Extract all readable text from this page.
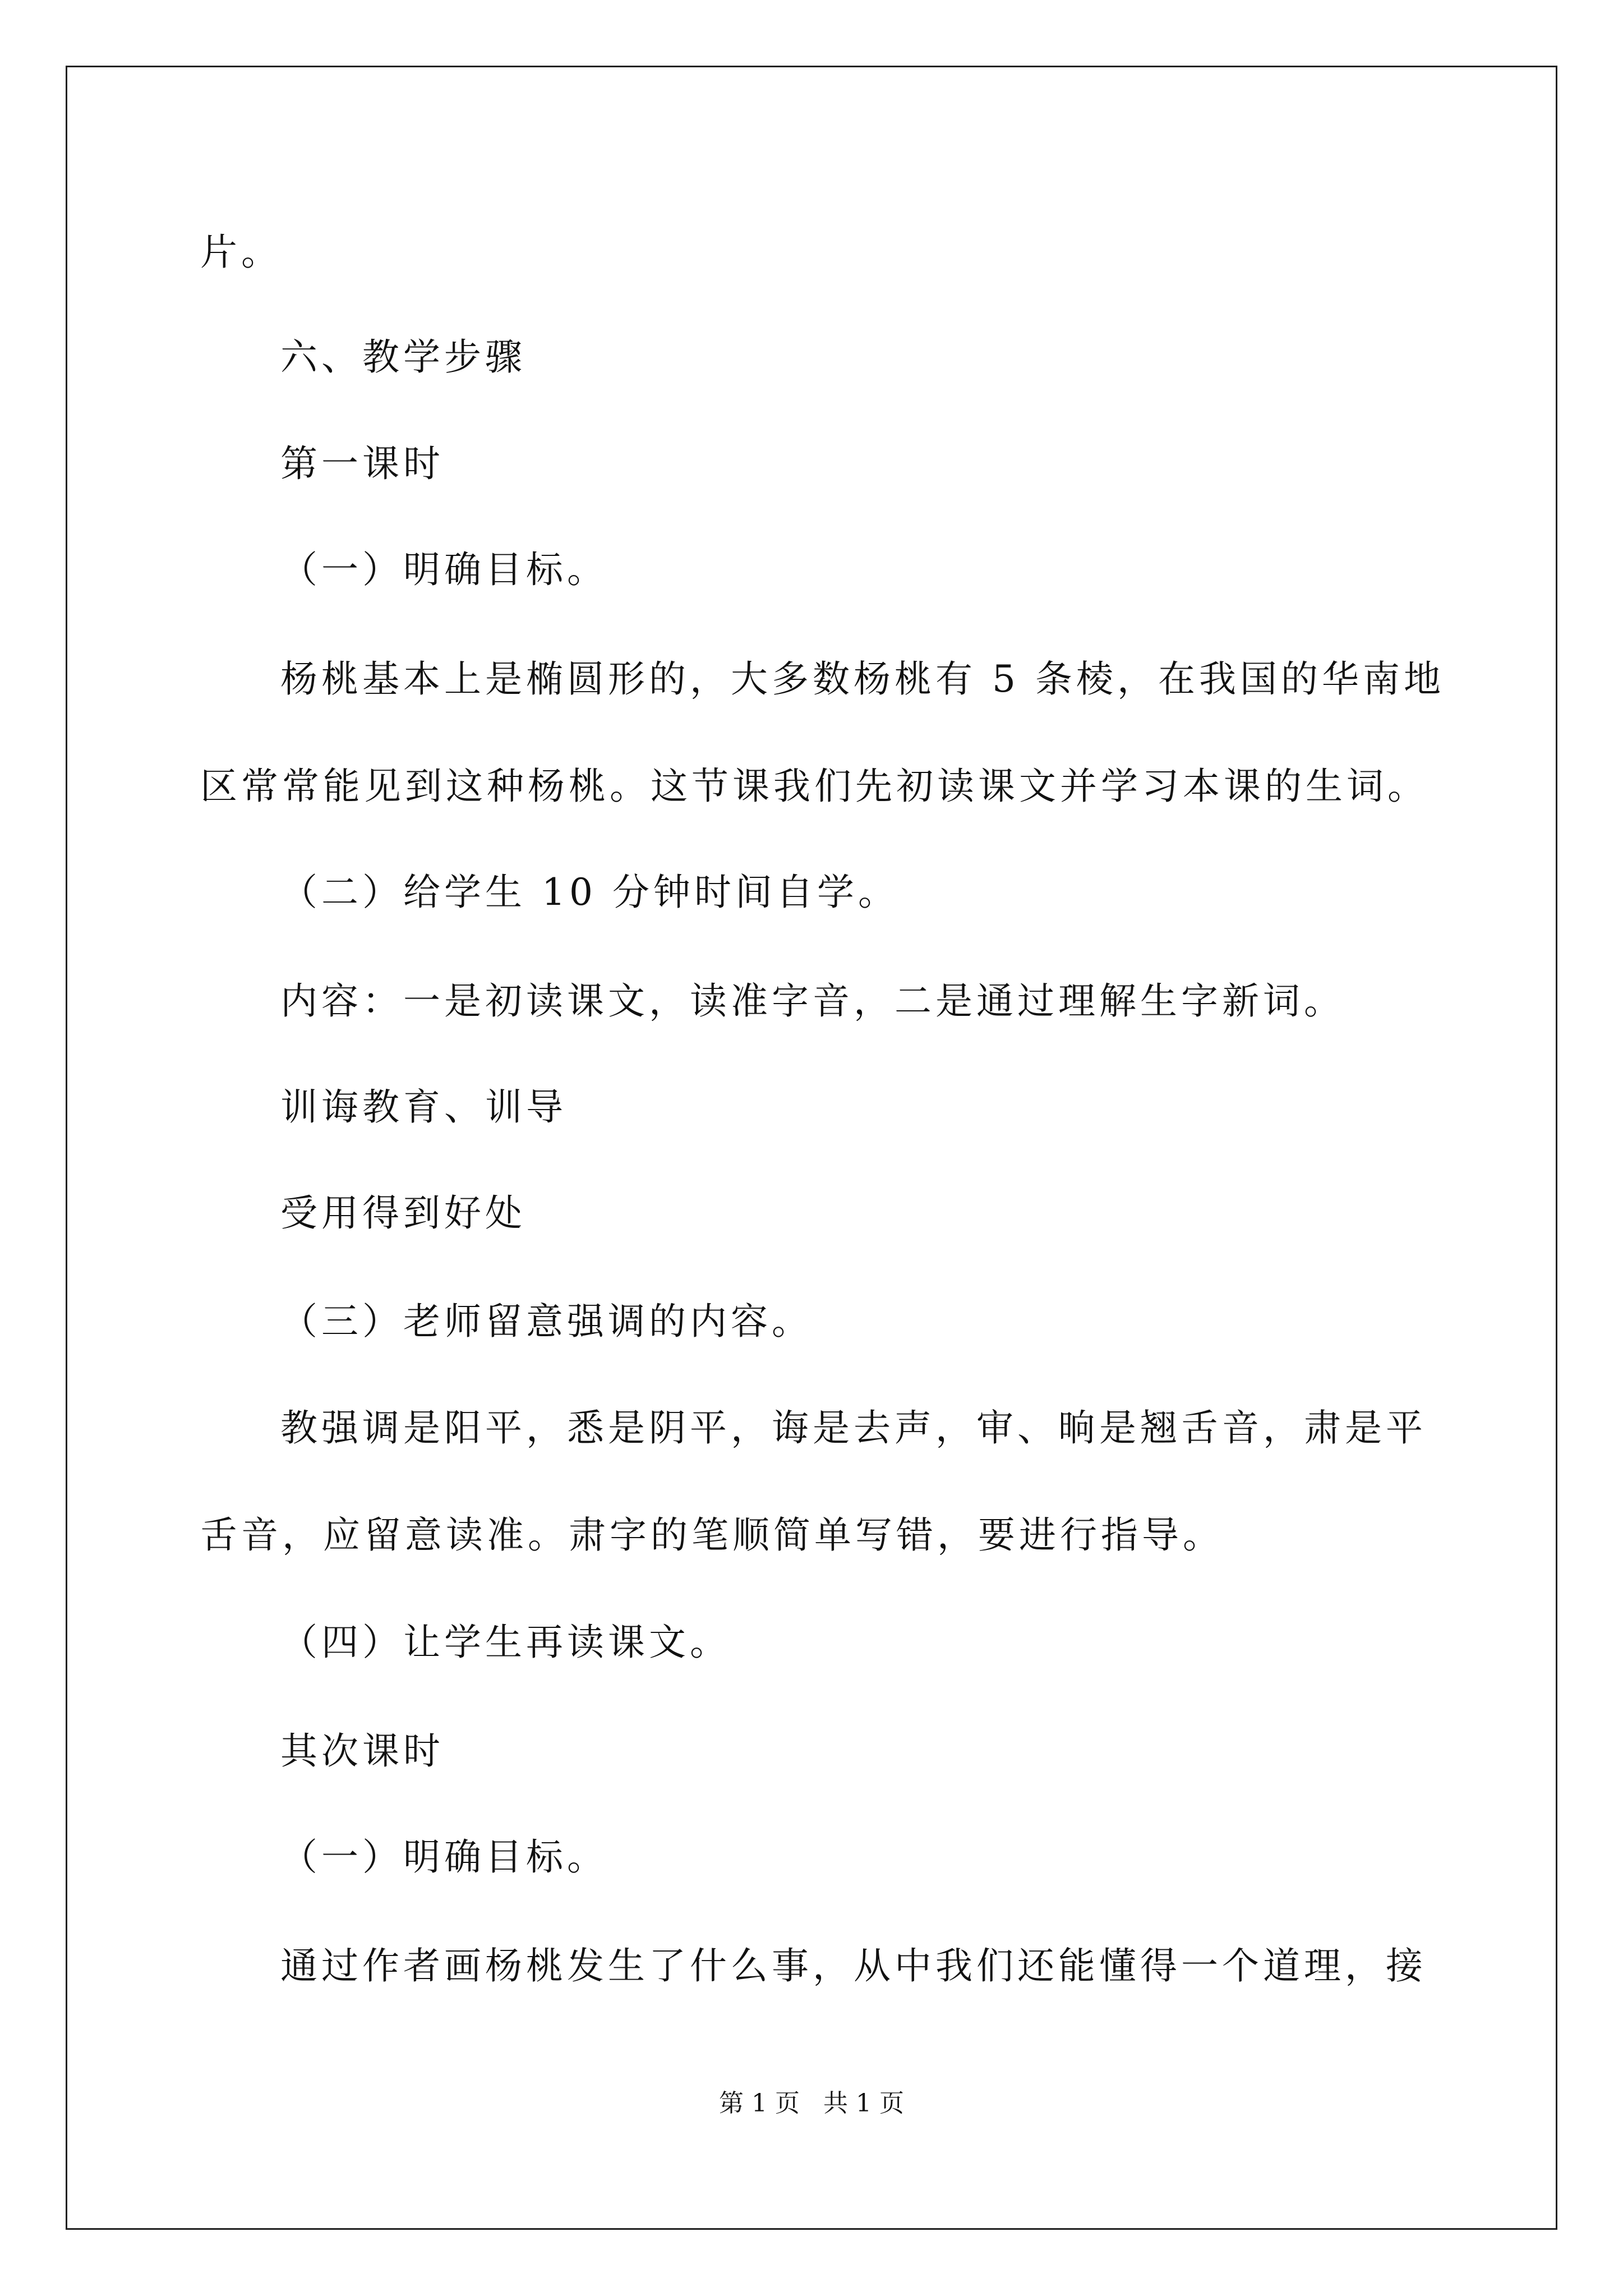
片。
六、教学步骤
第一课时
（一）明确目标。
杨桃基本上是椭圆形的，大多数杨桃有 5 条棱，在我国的华南地
区常常能见到这种杨桃。这节课我们先初读课文并学习本课的生词。
（二）给学生 10 分钟时间自学。
内容：一是初读课文，读准字音，二是通过理解生字新词。
训诲教育、训导
受用得到好处
（三）老师留意强调的内容。
教强调是阳平，悉是阴平，诲是去声，审、晌是翘舌音，肃是平
舌音，应留意读准。肃字的笔顺简单写错，要进行指导。
（四）让学生再读课文。
其次课时
（一）明确目标。
通过作者画杨桃发生了什么事，从中我们还能懂得一个道理，接
第 1 页   共 1 页
